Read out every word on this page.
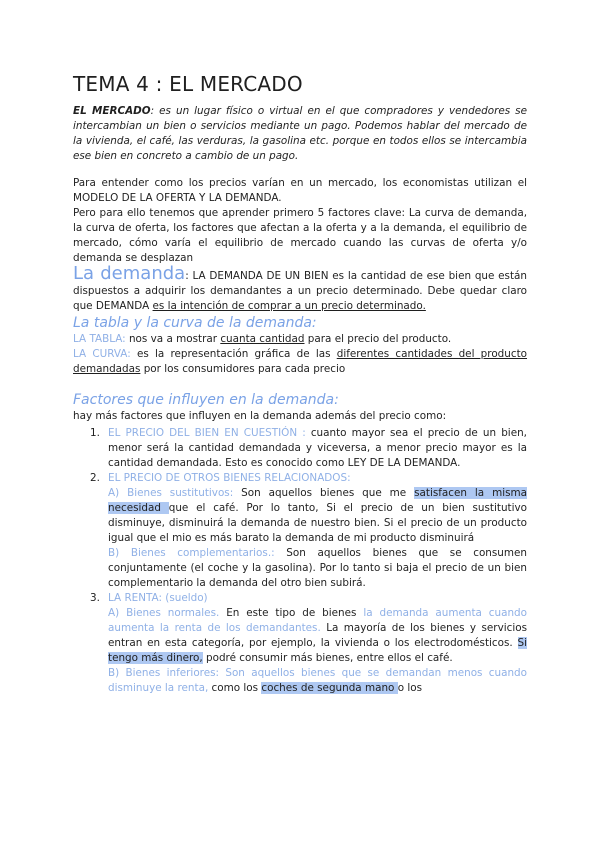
TEMA 4 : EL MERCADO

EL MERCADO: es un lugar físico o virtual en el que compradores y vendedores se intercambian un bien o servicios mediante un pago. Podemos hablar del mercado de la vivienda, el café, las verduras, la gasolina etc. porque en todos ellos se intercambia ese bien en concreto a cambio de un pago.

Para entender como los precios varían en un mercado, los economistas utilizan el MODELO DE LA OFERTA Y LA DEMANDA.

Pero para ello tenemos que aprender primero 5 factores clave: La curva de demanda, la curva de oferta, los factores que afectan a la oferta y a la demanda, el equilibrio de mercado, cómo varía el equilibrio de mercado cuando las curvas de oferta y/o demanda se desplazan

La demanda: LA DEMANDA DE UN BIEN es la cantidad de ese bien que están dispuestos a adquirir los demandantes a un precio determinado. Debe quedar claro que DEMANDA es la intención de comprar a un precio determinado.

La tabla y la curva de la demanda:

LA TABLA: nos va a mostrar cuanta cantidad para el precio del producto.

LA CURVA: es la representación gráfica de las diferentes cantidades del producto demandadas por los consumidores para cada precio

Factores que influyen en la demanda:

hay más factores que influyen en la demanda además del precio como:

1. EL PRECIO DEL BIEN EN CUESTIÓN : cuanto mayor sea el precio de un bien, menor será la cantidad demandada y viceversa, a menor precio mayor es la cantidad demandada. Esto es conocido como LEY DE LA DEMANDA.
2. EL PRECIO DE OTROS BIENES RELACIONADOS:
A) Bienes sustitutivos: Son aquellos bienes que me satisfacen la misma necesidad que el café. Por lo tanto, Si el precio de un bien sustitutivo disminuye, disminuirá la demanda de nuestro bien. Si el precio de un producto igual que el mio es más barato la demanda de mi producto disminuirá
B) Bienes complementarios.: Son aquellos bienes que se consumen conjuntamente (el coche y la gasolina). Por lo tanto si baja el precio de un bien complementario la demanda del otro bien subirá.
3. LA RENTA: (sueldo)
A) Bienes normales. En este tipo de bienes la demanda aumenta cuando aumenta la renta de los demandantes. La mayoría de los bienes y servicios entran en esta categoría, por ejemplo, la vivienda o los electrodomésticos. Si tengo más dinero, podré consumir más bienes, entre ellos el café.
B) Bienes inferiores: Son aquellos bienes que se demandan menos cuando disminuye la renta, como los coches de segunda mano o los
